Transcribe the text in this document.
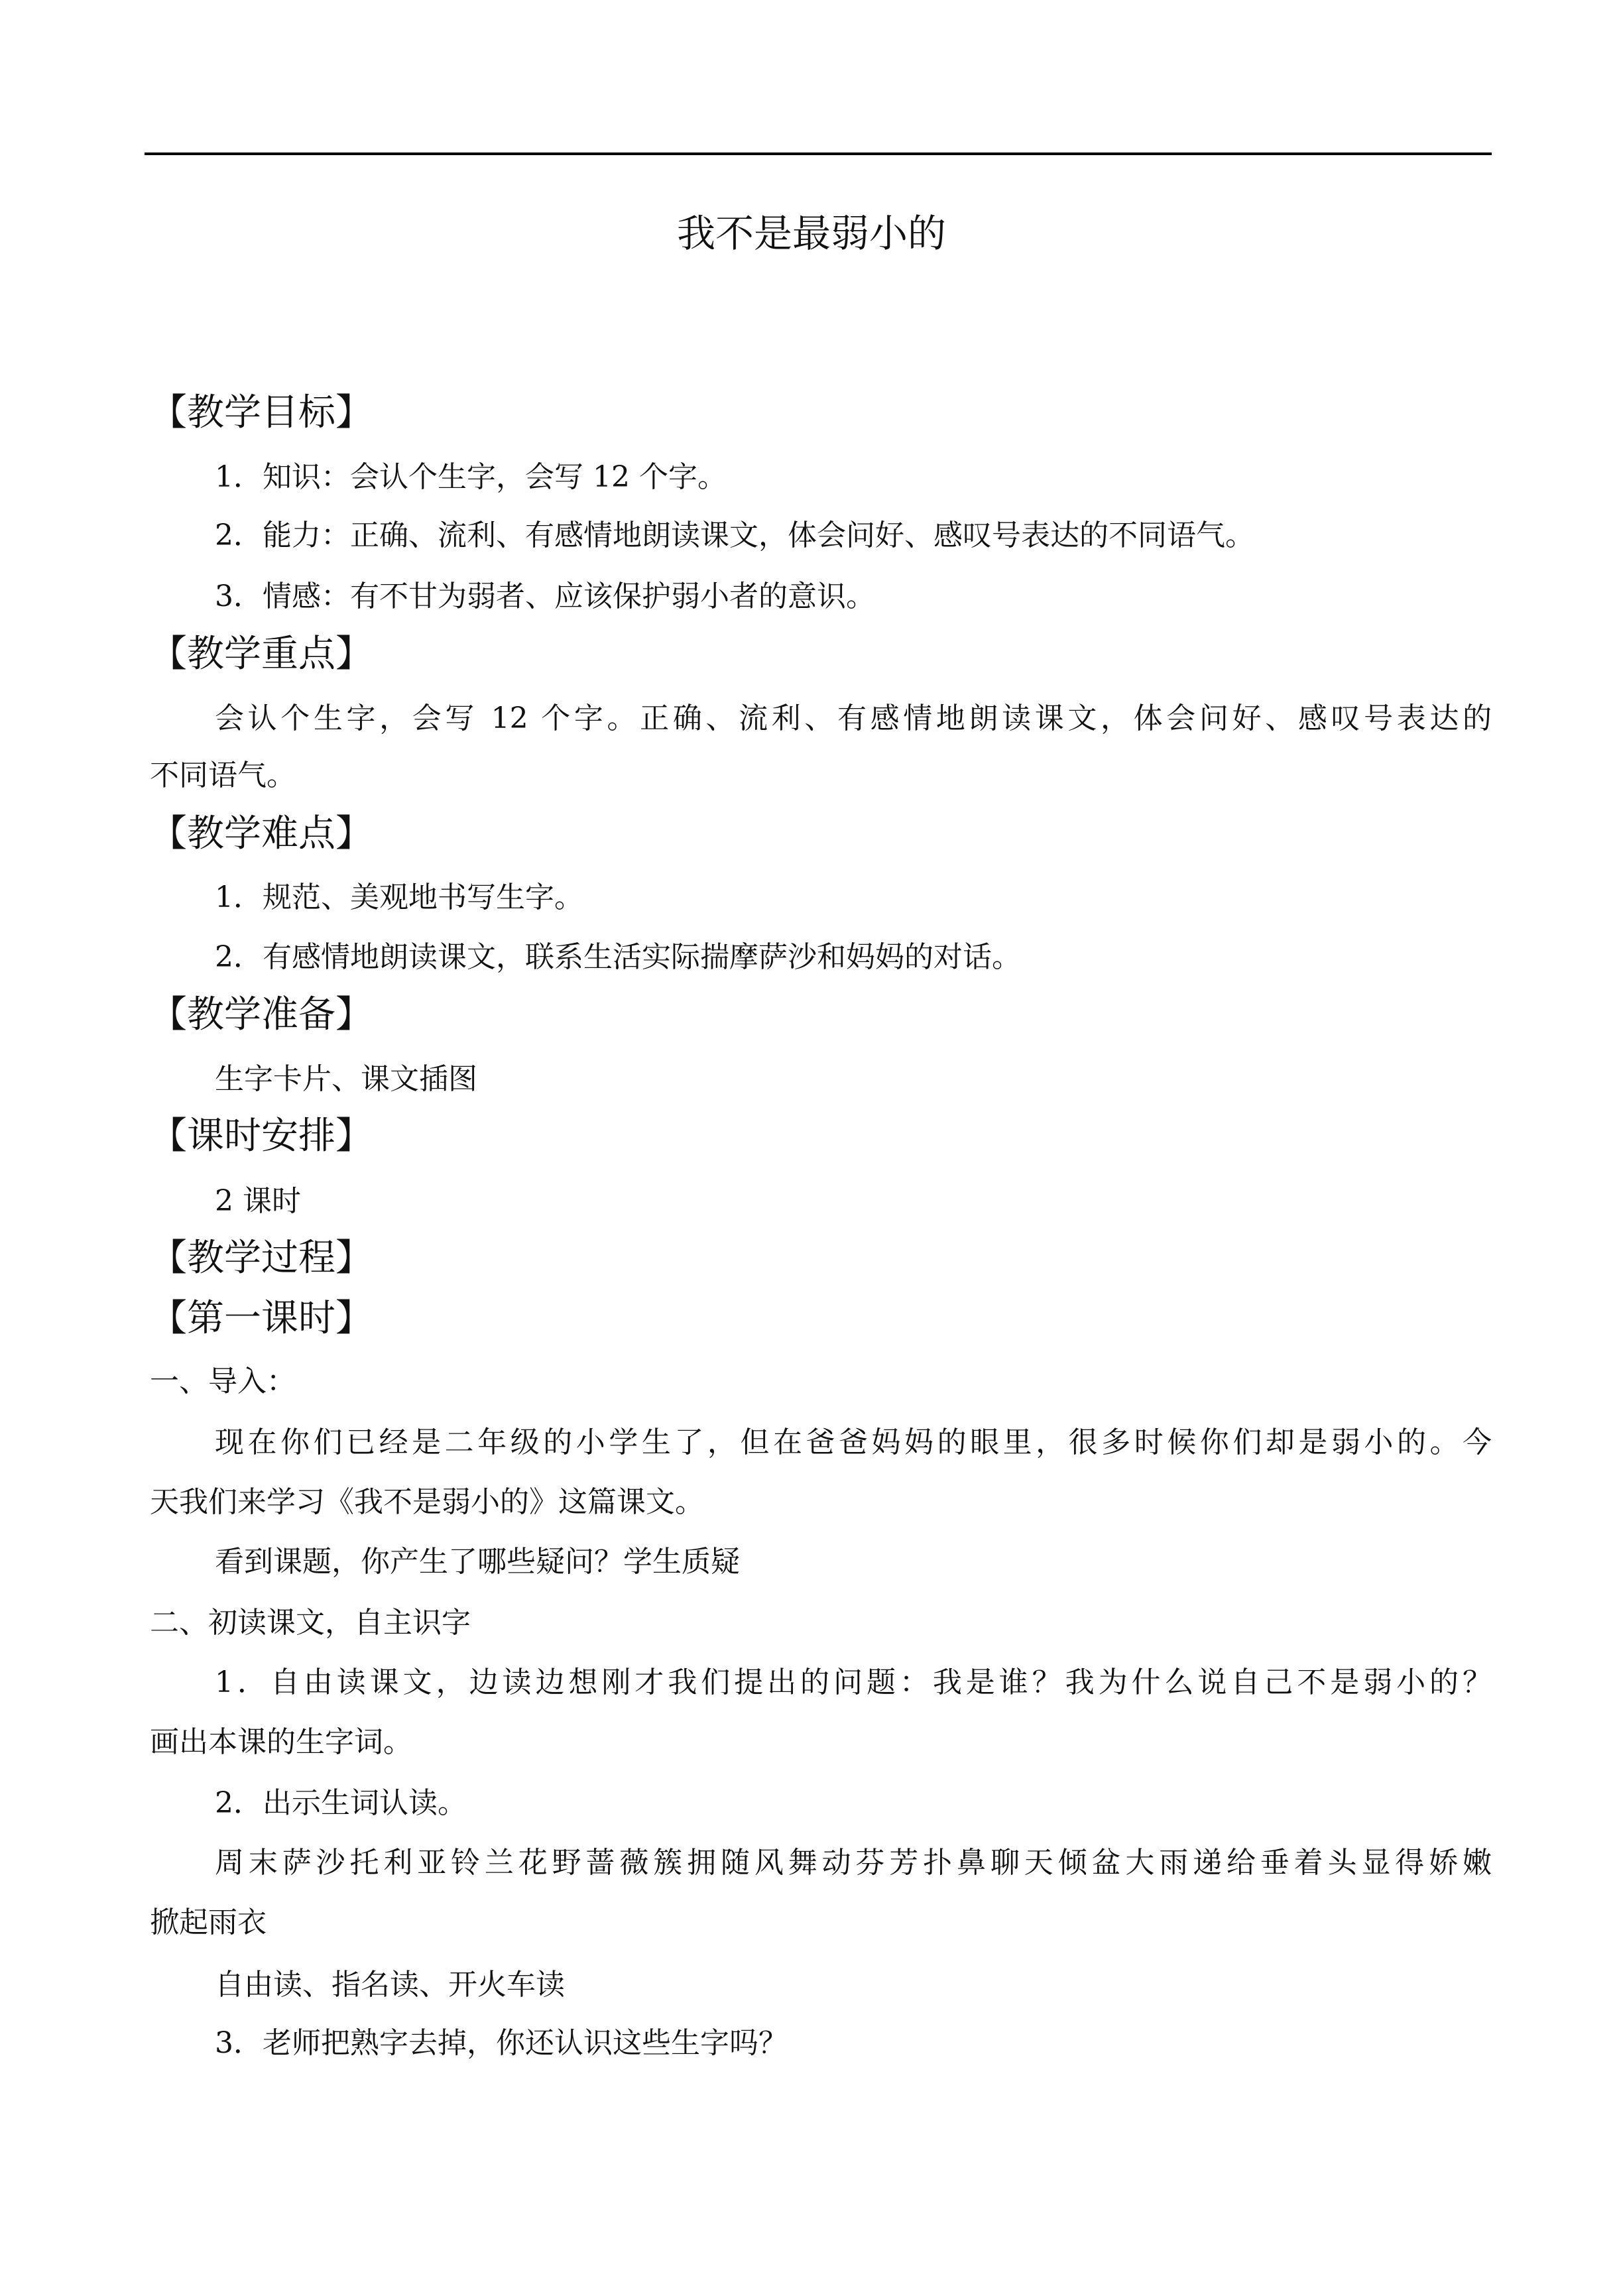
我不是最弱小的
【教学目标】
1．知识：会认个生字，会写 12 个字。
2．能力：正确、流利、有感情地朗读课文，体会问好、感叹号表达的不同语气。
3．情感：有不甘为弱者、应该保护弱小者的意识。
【教学重点】
会认个生字，会写 12 个字。正确、流利、有感情地朗读课文，体会问好、感叹号表达的
不同语气。
【教学难点】
1．规范、美观地书写生字。
2．有感情地朗读课文，联系生活实际揣摩萨沙和妈妈的对话。
【教学准备】
生字卡片、课文插图
【课时安排】
2 课时
【教学过程】
【第一课时】
一、导入：
现在你们已经是二年级的小学生了，但在爸爸妈妈的眼里，很多时候你们却是弱小的。今
天我们来学习《我不是弱小的》这篇课文。
看到课题，你产生了哪些疑问？学生质疑
二、初读课文，自主识字
1．自由读课文，边读边想刚才我们提出的问题：我是谁？我为什么说自己不是弱小的？
画出本课的生字词。
2．出示生词认读。
周末萨沙托利亚铃兰花野蔷薇簇拥随风舞动芬芳扑鼻聊天倾盆大雨递给垂着头显得娇嫩
掀起雨衣
自由读、指名读、开火车读
3．老师把熟字去掉，你还认识这些生字吗？
